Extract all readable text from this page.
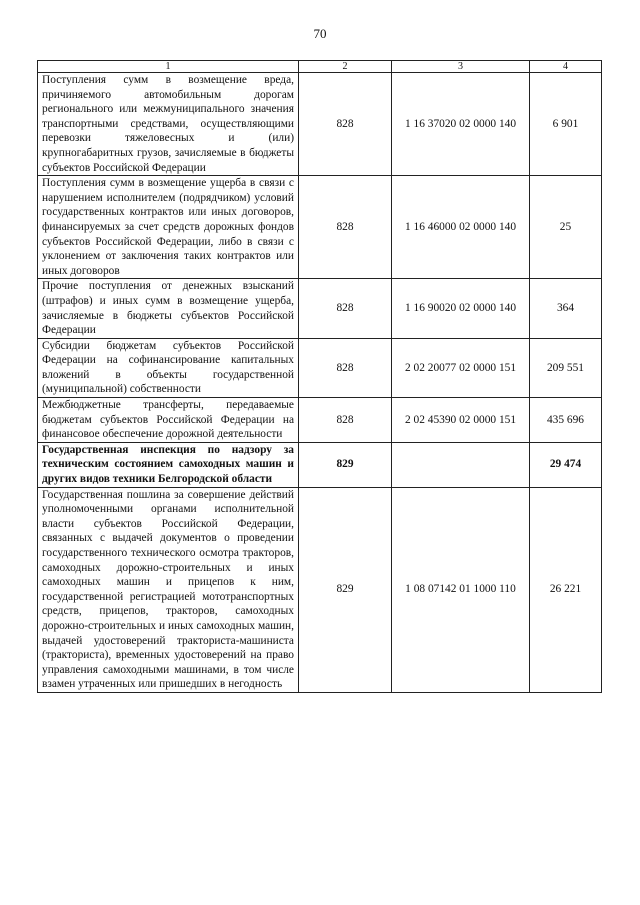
70
1	2	3	4
Поступления сумм в возмещение вреда, причиняемого автомобильным дорогам регионального или межмуниципального значения транспортными средствами, осуществляющими перевозки тяжеловесных и (или) крупногабаритных грузов, зачисляемые в бюджеты субъектов Российской Федерации	828	1 16 37020 02 0000 140	6 901
Поступления сумм в возмещение ущерба в связи с нарушением исполнителем (подрядчиком) условий государственных контрактов или иных договоров, финансируемых за счет средств дорожных фондов субъектов Российской Федерации, либо в связи с уклонением от заключения таких контрактов или иных договоров	828	1 16 46000 02 0000 140	25
Прочие поступления от денежных взысканий (штрафов) и иных сумм в возмещение ущерба, зачисляемые в бюджеты субъектов Российской Федерации	828	1 16 90020 02 0000 140	364
Субсидии бюджетам субъектов Российской Федерации на софинансирование капитальных вложений в объекты государственной (муниципальной) собственности	828	2 02 20077 02 0000 151	209 551
Межбюджетные трансферты, передаваемые бюджетам субъектов Российской Федерации на финансовое обеспечение дорожной деятельности	828	2 02 45390 02 0000 151	435 696
Государственная инспекция по надзору за техническим состоянием самоходных машин и других видов техники Белгородской области	829		29 474
Государственная пошлина за совершение действий уполномоченными органами исполнительной власти субъектов Российской Федерации, связанных с выдачей документов о проведении государственного технического осмотра тракторов, самоходных дорожно-строительных и иных самоходных машин и прицепов к ним, государственной регистрацией мототранспортных средств, прицепов, тракторов, самоходных дорожно-строительных и иных самоходных машин, выдачей удостоверений тракториста-машиниста (тракториста), временных удостоверений на право управления самоходными машинами, в том числе взамен утраченных или пришедших в негодность	829	1 08 07142 01 1000 110	26 221
